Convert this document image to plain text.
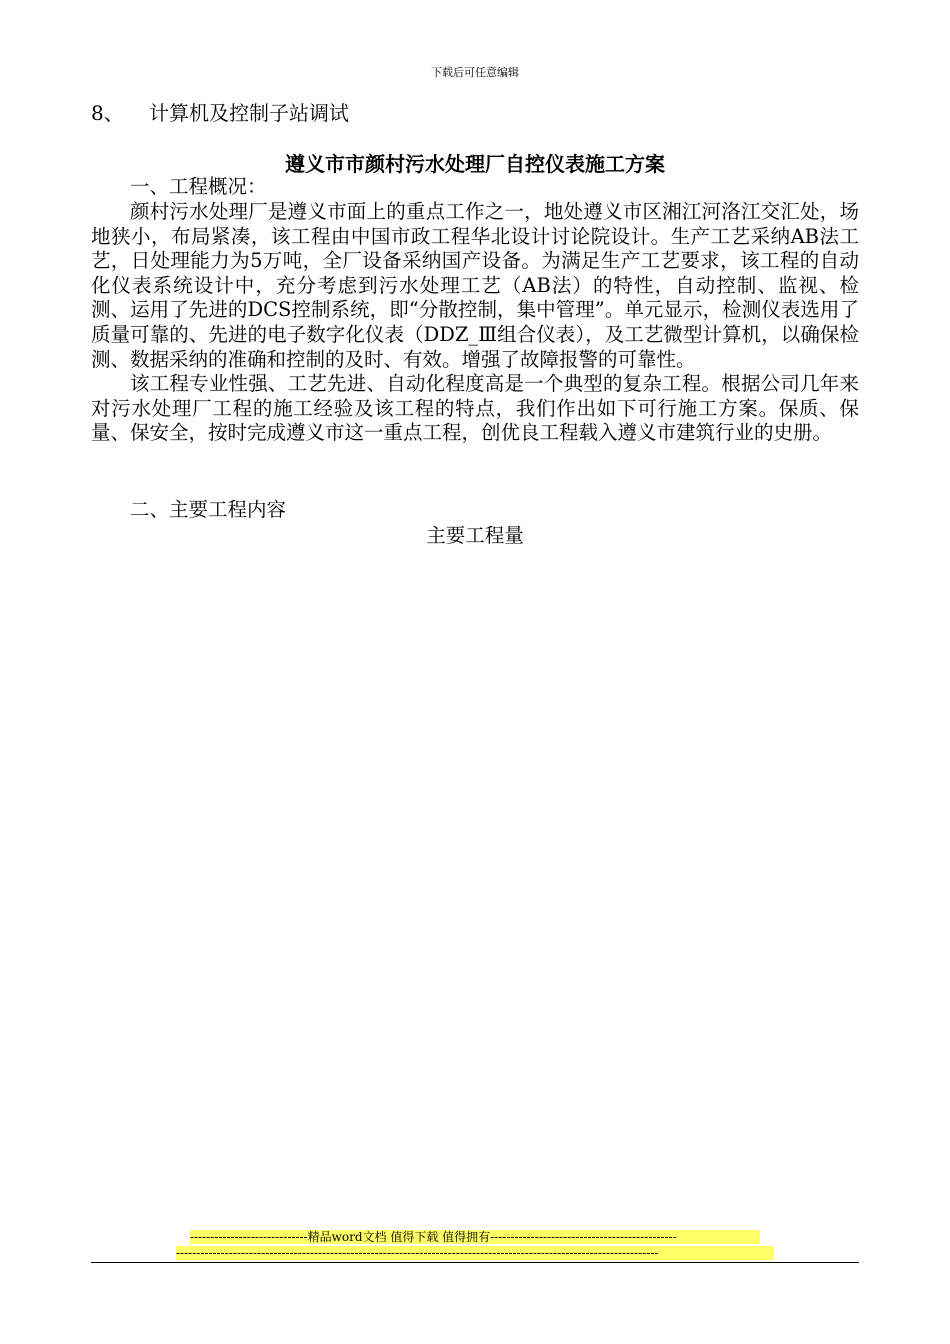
下载后可任意编辑
8、 计算机及控制子站调试
遵义市市颜村污水处理厂自控仪表施工方案
一、工程概况：

颜村污水处理厂是遵义市面上的重点工作之一，地处遵义市区湘江河洛江交汇处，场地狭小，布局紧凑，该工程由中国市政工程华北设计讨论院设计。生产工艺采纳AB法工艺，日处理能力为5万吨，全厂设备采纳国产设备。为满足生产工艺要求，该工程的自动化仪表系统设计中，充分考虑到污水处理工艺（AB法）的特性，自动控制、监视、检测、运用了先进的DCS控制系统，即“分散控制，集中管理”。单元显示，检测仪表选用了质量可靠的、先进的电子数字化仪表（DDZ_Ⅲ组合仪表），及工艺微型计算机，以确保检测、数据采纳的准确和控制的及时、有效。增强了故障报警的可靠性。

该工程专业性强、工艺先进、自动化程度高是一个典型的复杂工程。根据公司几年来对污水处理厂工程的施工经验及该工程的特点，我们作出如下可行施工方案。保质、保量、保安全，按时完成遵义市这一重点工程，创优良工程载入遵义市建筑行业的史册。

二、主要工程内容
主要工程量
-----------------------------精品word文档 值得下载 值得拥有----------------------------------------------
-----------------------------------------------------------------------------------------------------------------------
